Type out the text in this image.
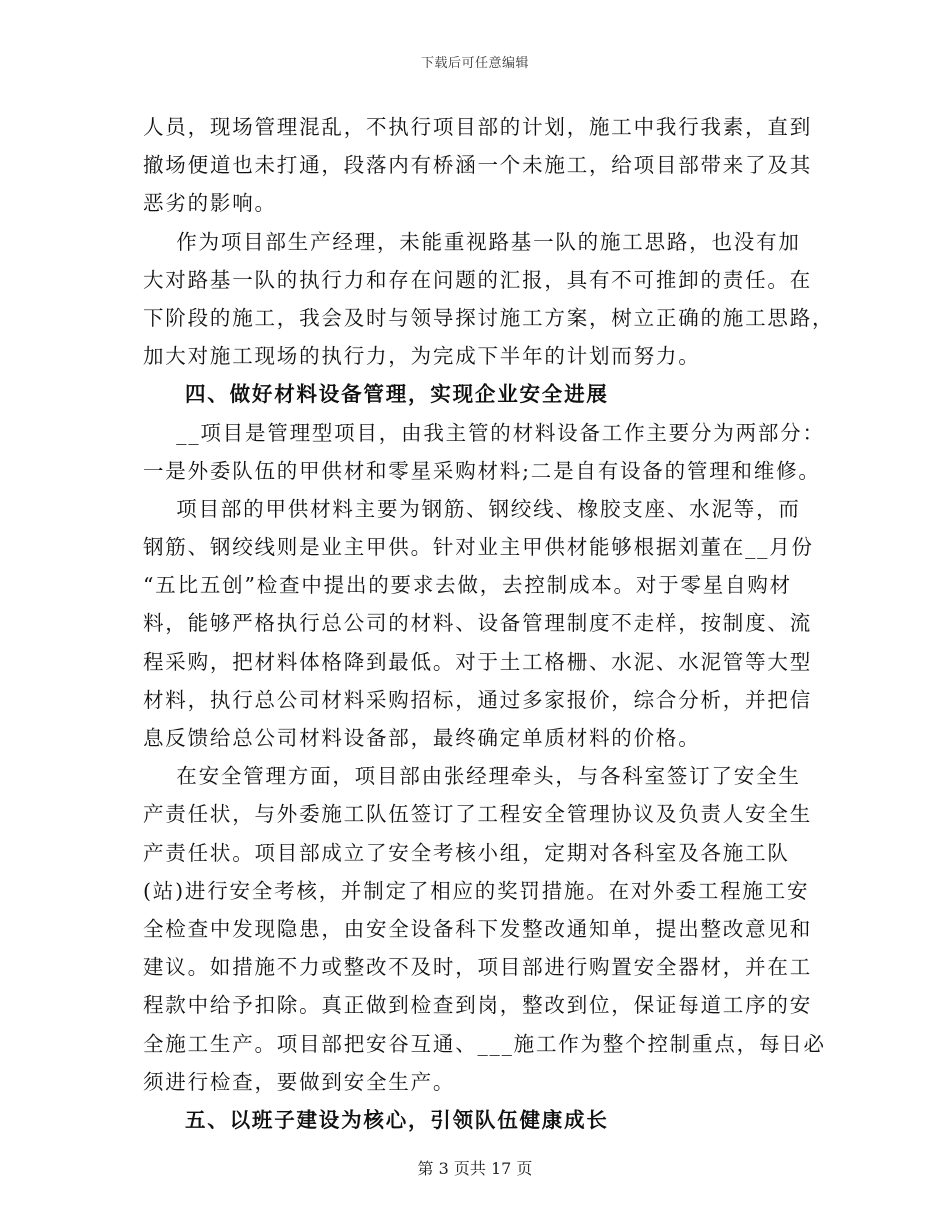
下载后可任意编辑
人员，现场管理混乱，不执行项目部的计划，施工中我行我素，直到
撤场便道也未打通，段落内有桥涵一个未施工，给项目部带来了及其
恶劣的影响。
作为项目部生产经理，未能重视路基一队的施工思路，也没有加
大对路基一队的执行力和存在问题的汇报，具有不可推卸的责任。在
下阶段的施工，我会及时与领导探讨施工方案，树立正确的施工思路，
加大对施工现场的执行力，为完成下半年的计划而努力。
四、做好材料设备管理，实现企业安全进展
__项目是管理型项目，由我主管的材料设备工作主要分为两部分：
一是外委队伍的甲供材和零星采购材料;二是自有设备的管理和维修。
项目部的甲供材料主要为钢筋、钢绞线、橡胶支座、水泥等，而
钢筋、钢绞线则是业主甲供。针对业主甲供材能够根据刘董在__月份
“五比五创”检查中提出的要求去做，去控制成本。对于零星自购材
料，能够严格执行总公司的材料、设备管理制度不走样，按制度、流
程采购，把材料体格降到最低。对于土工格栅、水泥、水泥管等大型
材料，执行总公司材料采购招标，通过多家报价，综合分析，并把信
息反馈给总公司材料设备部，最终确定单质材料的价格。
在安全管理方面，项目部由张经理牵头，与各科室签订了安全生
产责任状，与外委施工队伍签订了工程安全管理协议及负责人安全生
产责任状。项目部成立了安全考核小组，定期对各科室及各施工队
(站)进行安全考核，并制定了相应的奖罚措施。在对外委工程施工安
全检查中发现隐患，由安全设备科下发整改通知单，提出整改意见和
建议。如措施不力或整改不及时，项目部进行购置安全器材，并在工
程款中给予扣除。真正做到检查到岗，整改到位，保证每道工序的安
全施工生产。项目部把安谷互通、___施工作为整个控制重点，每日必
须进行检查，要做到安全生产。
五、以班子建设为核心，引领队伍健康成长
第 3 页共 17 页
